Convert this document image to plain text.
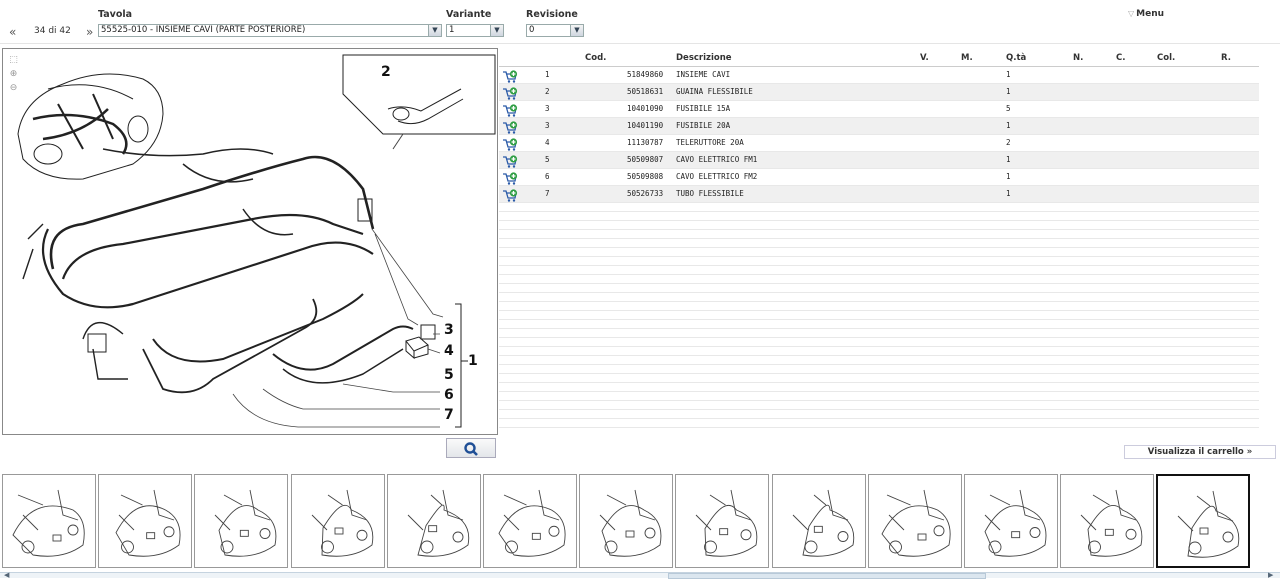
Tavola	Variante	Revisione
« 34 di 42 » 55525-010 - INSIEME CAVI (PARTE POSTERIORE)	▼	1	▼	0	▼
▽ Menu
⬚
⊕
⊖
2
3
4
5
6
7
1
Cod.	Descrizione	V.	M.	Q.tà	N.	C.	Col.	R.
1	51849860 INSIEME CAVI	1
2	50518631 GUAINA FLESSIBILE	1
3	10401090 FUSIBILE 15A	5
3	10401190 FUSIBILE 20A	1
4	11130787 TELERUTTORE 20A	2
5	50509807 CAVO ELETTRICO FM1	1
6	50509808 CAVO ELETTRICO FM2	1
7	50526733 TUBO FLESSIBILE	1
Visualizza il carrello »
◀	▶
